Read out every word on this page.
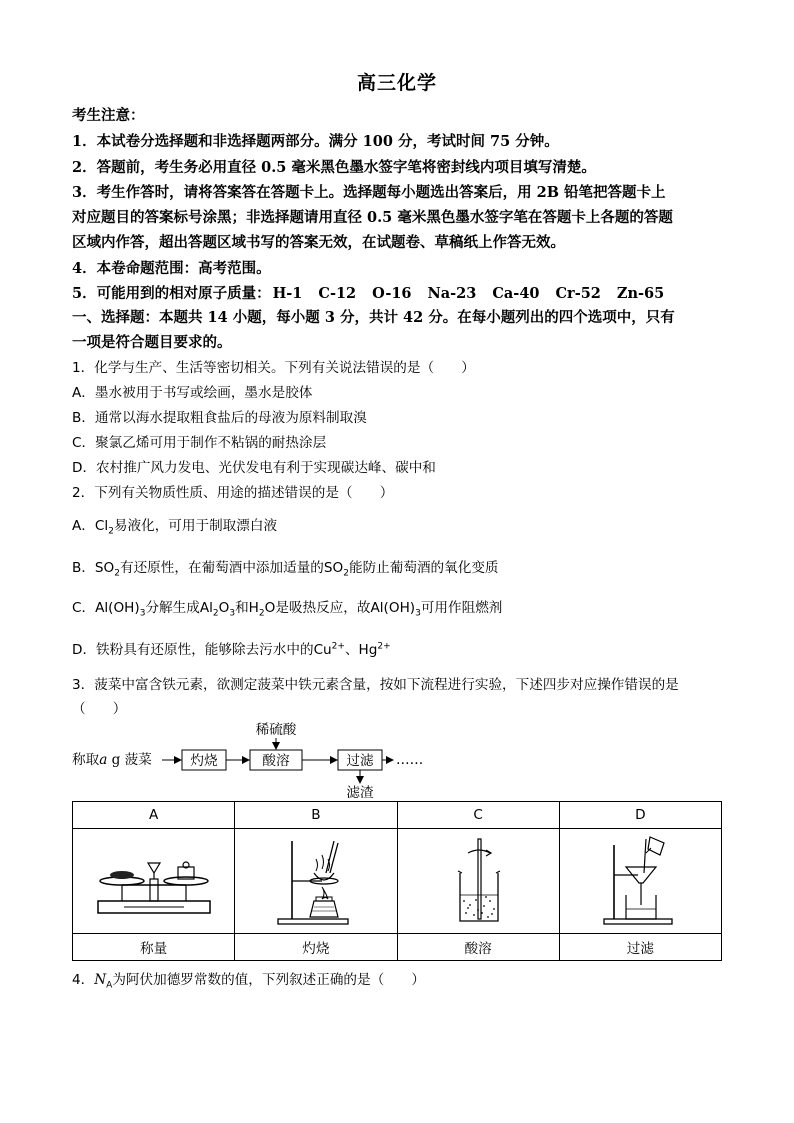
高三化学
考生注意：
1．本试卷分选择题和非选择题两部分。满分 100 分，考试时间 75 分钟。
2．答题前，考生务必用直径 0.5 毫米黑色墨水签字笔将密封线内项目填写清楚。
3．考生作答时，请将答案答在答题卡上。选择题每小题选出答案后，用 2B 铅笔把答题卡上
对应题目的答案标号涂黑；非选择题请用直径 0.5 毫米黑色墨水签字笔在答题卡上各题的答题
区域内作答，超出答题区域书写的答案无效，在试题卷、草稿纸上作答无效。
4．本卷命题范围：高考范围。
5．可能用到的相对原子质量： H-1 C-12 O-16 Na-23 Ca-40 Cr-52 Zn-65
一、选择题：本题共 14 小题，每小题 3 分，共计 42 分。在每小题列出的四个选项中，只有
一项是符合题目要求的。
1．化学与生产、生活等密切相关。下列有关说法错误的是（　　）
A．墨水被用于书写或绘画，墨水是胶体
B．通常以海水提取粗食盐后的母液为原料制取溴
C．聚氯乙烯可用于制作不粘锅的耐热涂层
D．农村推广风力发电、光伏发电有利于实现碳达峰、碳中和
2．下列有关物质性质、用途的描述错误的是（　　）
A．$Cl_2$易液化，可用于制取漂白液
B．$SO_2$有还原性，在葡萄酒中添加适量的$SO_2$能防止葡萄酒的氧化变质
C．$Al(OH)_3$分解生成$Al_2O_3$和$H_2O$是吸热反应，故$Al(OH)_3$可用作阻燃剂
D．铁粉具有还原性，能够除去污水中的$Cu^{2+}$、$Hg^{2+}$
3．菠菜中富含铁元素，欲测定菠菜中铁元素含量，按如下流程进行实验，下述四步对应操作错误的是
（　　）
称取a g 菠菜	灼烧	酸溶
稀硫酸
过滤 ……
滤渣
A	B	C	D

称量	灼烧	酸溶	过滤
4．$N_A$为阿伏加德罗常数的值，下列叙述正确的是（　　）
